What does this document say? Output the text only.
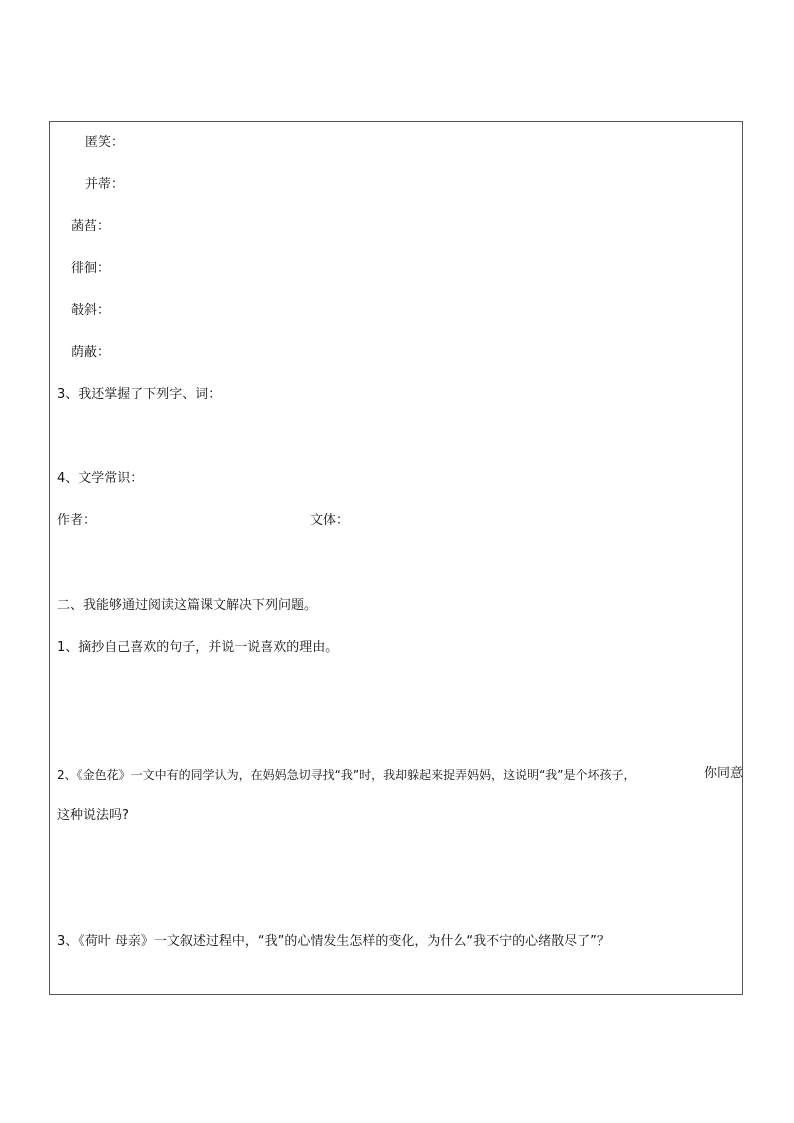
匿笑：
并蒂：
菡萏：
徘徊：
攲斜：
荫蔽：
3、我还掌握了下列字、词：
4、文学常识：
作者：	文体：
二、我能够通过阅读这篇课文解决下列问题。
1、摘抄自己喜欢的句子，并说一说喜欢的理由。
2、《金色花》一文中有的同学认为，在妈妈急切寻找“我”时，我却躲起来捉弄妈妈，这说明“我”是个坏孩子，	你同意
这种说法吗?
3、《荷叶 母亲》一文叙述过程中，“我”的心情发生怎样的变化，为什么“我不宁的心绪散尽了”？
